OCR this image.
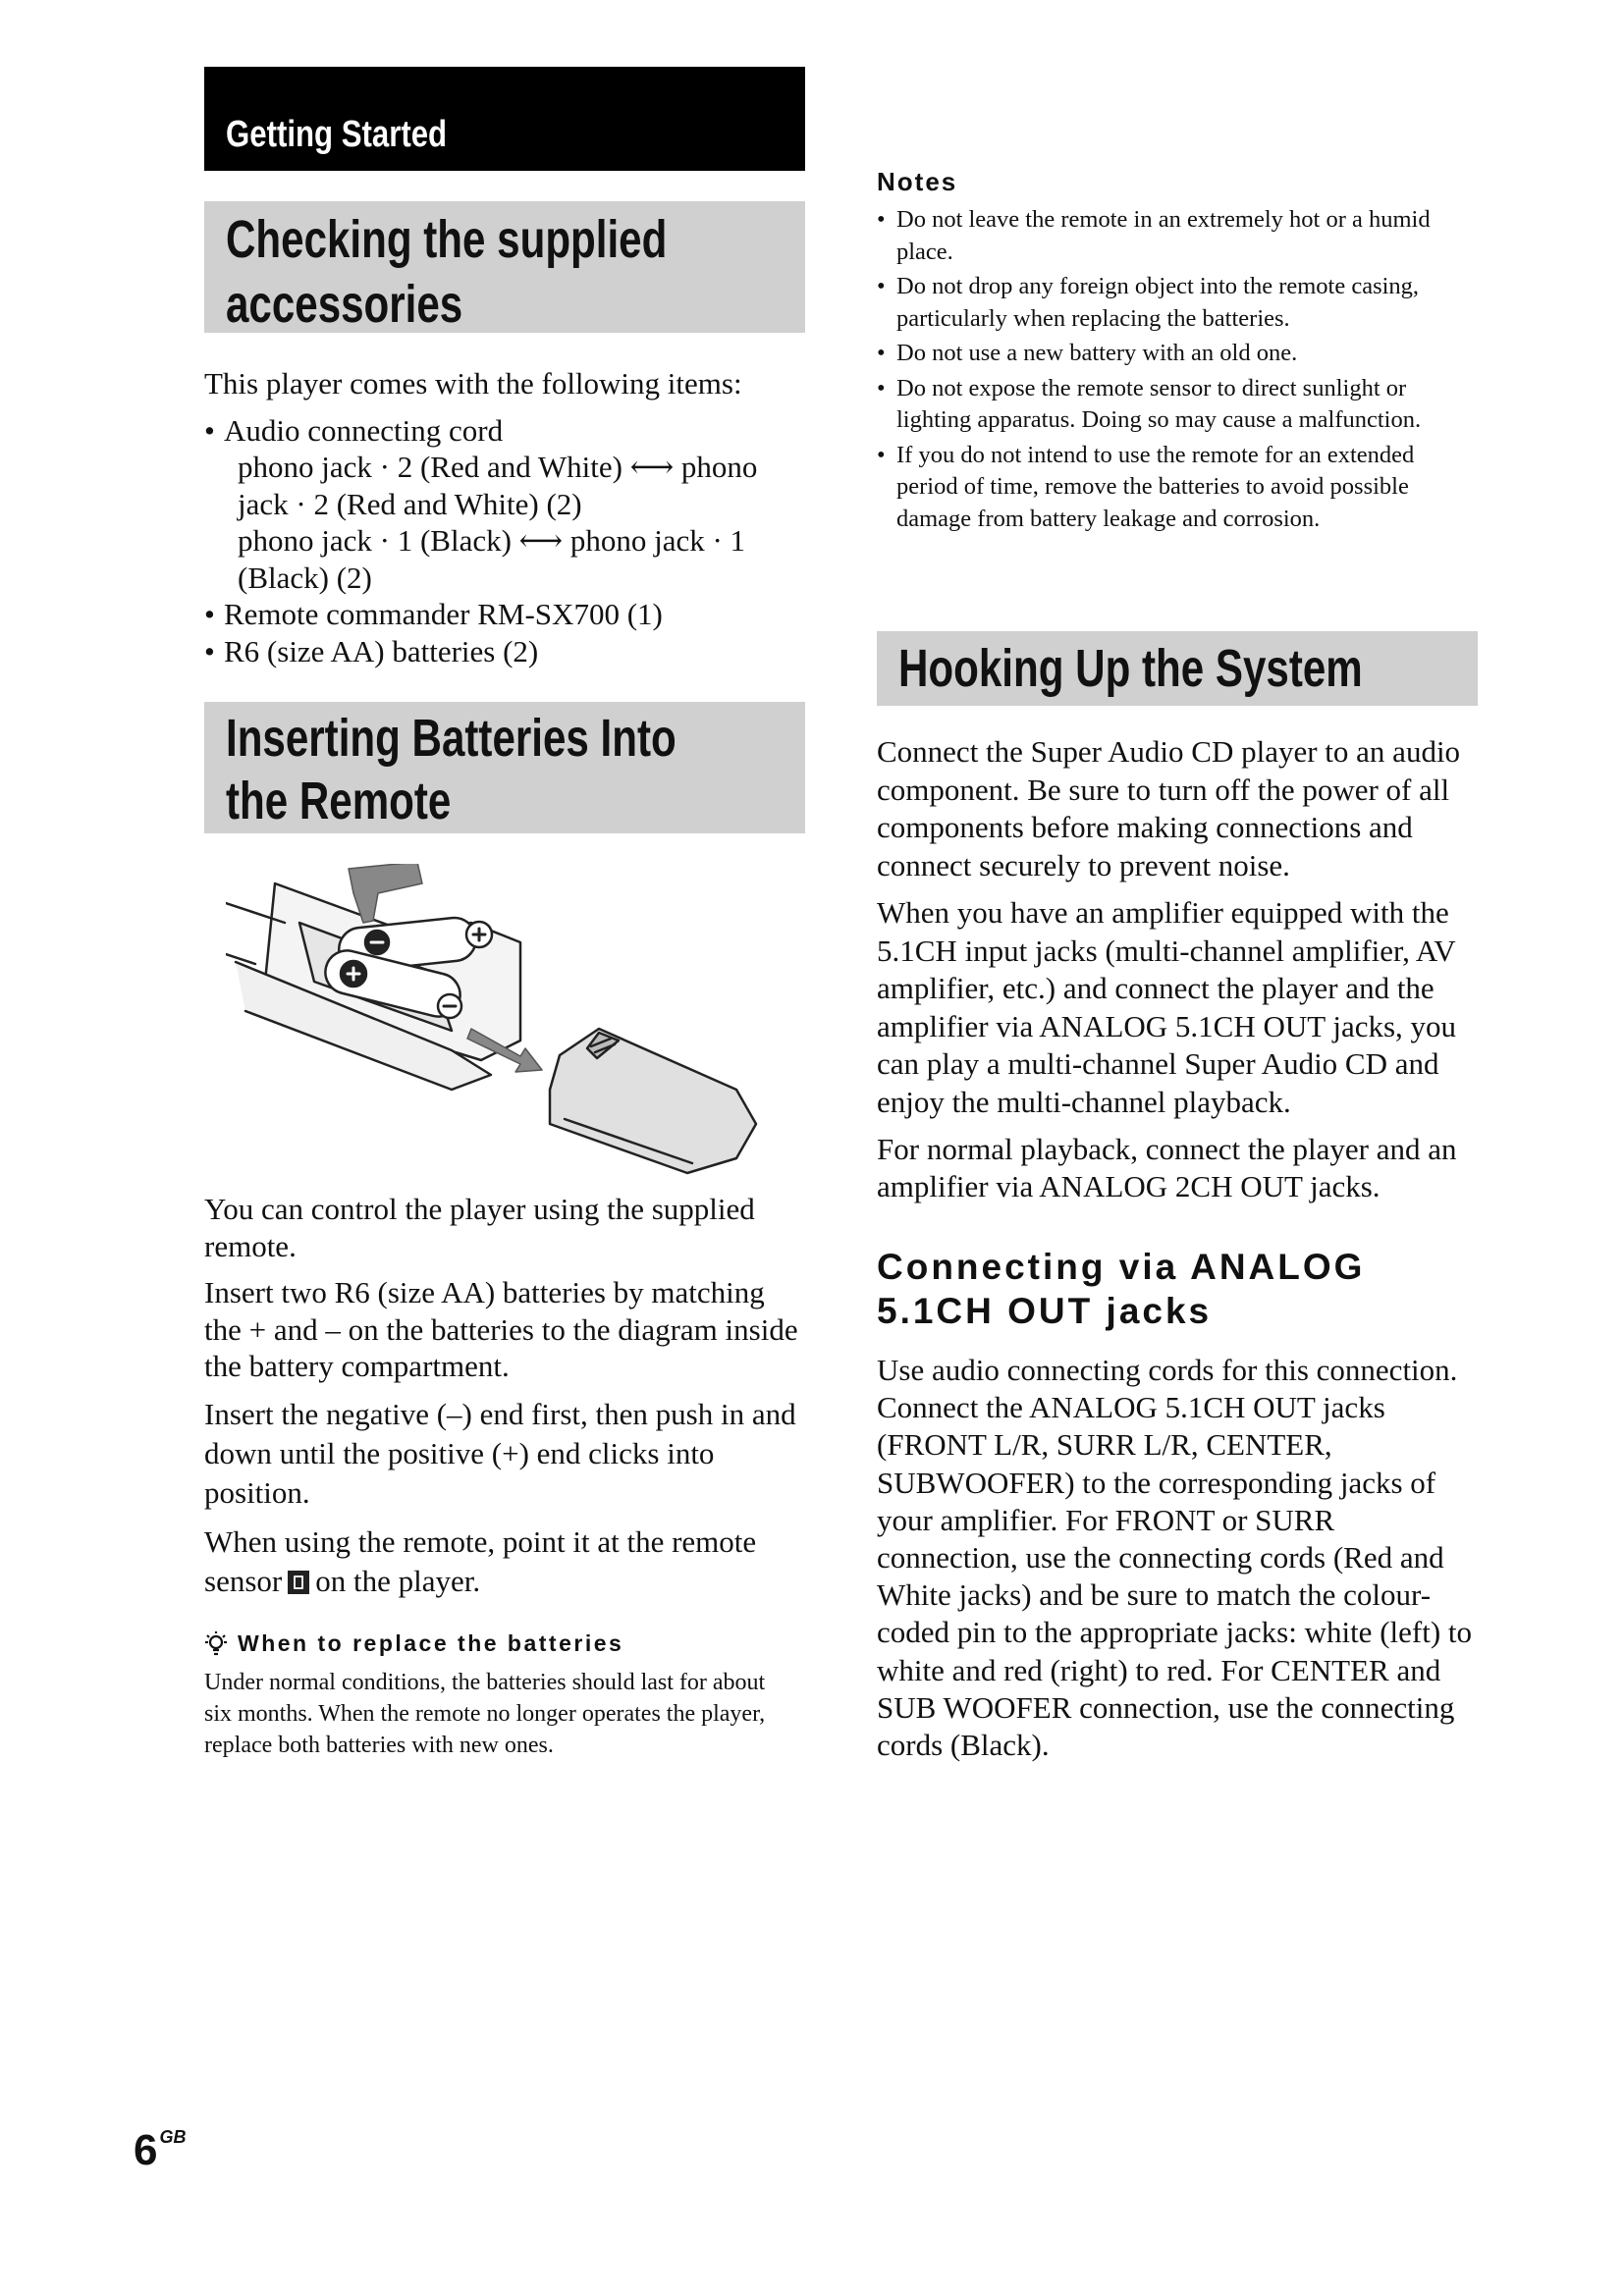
Getting Started
Checking the supplied
accessories

This player comes with the following items:

• Audio connecting cord
phono jack · 2 (Red and White) ⟷ phono
jack · 2 (Red and White) (2)
phono jack · 1 (Black) ⟷ phono jack · 1
(Black) (2)
• Remote commander RM-SX700 (1)
• R6 (size AA) batteries (2)
Inserting Batteries Into
the Remote

You can control the player using the supplied remote.

Insert two R6 (size AA) batteries by matching the + and – on the batteries to the diagram inside the battery compartment.

Insert the negative (–) end first, then push in and down until the positive (+) end clicks into position.

When using the remote, point it at the remote sensor on the player.

When to replace the batteries
Under normal conditions, the batteries should last for about six months. When the remote no longer operates the player, replace both batteries with new ones.
Notes
• Do not leave the remote in an extremely hot or a humid place.
• Do not drop any foreign object into the remote casing, particularly when replacing the batteries.
• Do not use a new battery with an old one.
• Do not expose the remote sensor to direct sunlight or lighting apparatus. Doing so may cause a malfunction.
• If you do not intend to use the remote for an extended period of time, remove the batteries to avoid possible damage from battery leakage and corrosion.
Hooking Up the System

Connect the Super Audio CD player to an audio component. Be sure to turn off the power of all components before making connections and connect securely to prevent noise.

When you have an amplifier equipped with the 5.1CH input jacks (multi-channel amplifier, AV amplifier, etc.) and connect the player and the amplifier via ANALOG 5.1CH OUT jacks, you can play a multi-channel Super Audio CD and enjoy the multi-channel playback.

For normal playback, connect the player and an amplifier via ANALOG 2CH OUT jacks.

Connecting via ANALOG
5.1CH OUT jacks
Use audio connecting cords for this connection. Connect the ANALOG 5.1CH OUT jacks (FRONT L/R, SURR L/R, CENTER, SUBWOOFER) to the corresponding jacks of your amplifier. For FRONT or SURR connection, use the connecting cords (Red and White jacks) and be sure to match the colour-coded pin to the appropriate jacks: white (left) to white and red (right) to red. For CENTER and SUB WOOFER connection, use the connecting cords (Black).
6 $^{GB}$
